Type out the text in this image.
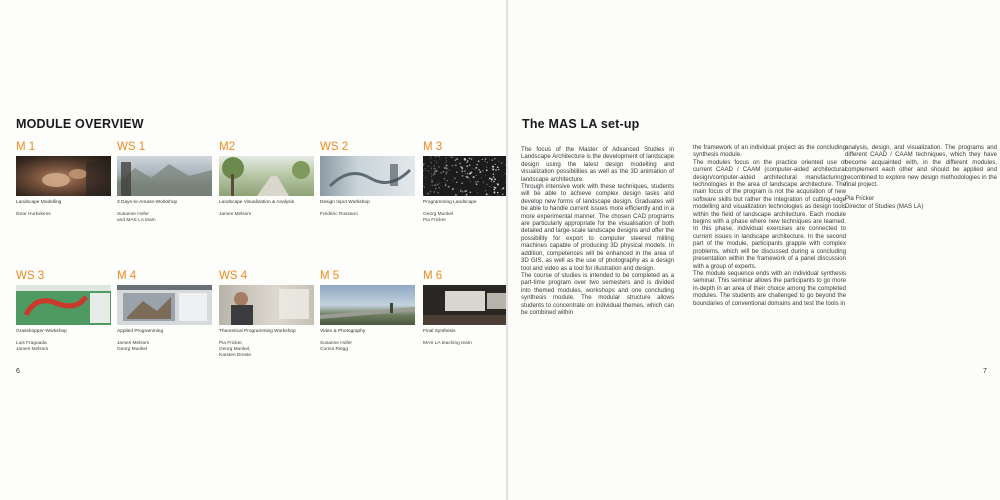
MODULE OVERVIEW
M 1
Landscape Modelling
Ilmar Hurkxkens
WS 1
3 Days-to-Amaze-Workshop
Susanne Hofer
and MAS LA team
M2
Landscape Visualization & Analysis
James Melsom
WS 2
Design Input Workshop
Frédéric Rossano
M 3
Programming Landscape
Georg Munkel
Pia Fricker
WS 3
Grasshopper-Workshop
Luis Fraguada
James Melsom
M 4
Applied Programming
James Melsom
Georg Munkel
WS 4
Theoretical Programming Workshop
Pia Fricker,
Georg Munkel,
Karsten Droste
M 5
Video & Photography
Susanne Hofer
Corina Riegg
M 6
Final Synthesis
MAS LA teaching team
6
The MAS LA set-up

The focus of the Master of Advanced Studies in Landscape Architecture is the development of landscape design using the latest design modelling and visualization possibilities as well as the 3D animation of landscape architecture.
Through intensive work with these techniques, students will be able to achieve complex design tasks and develop new forms of landscape design. Graduates will be able to handle current issues more efficiently and in a more experimental manner. The chosen CAD programs are particularly appropriate for the visualisation of both detailed and large-scale landscape designs and offer the possibility for export to computer steered milling machines capable of producing 3D physical models. In addition, competences will be enhanced in the area of 3D GIS, as well as the use of photography as a design tool and video as a tool for illustration and design.
The course of studies is intended to be completed as a part-time program over two semesters and is divided into themed modules, workshops and one concluding synthesis module. The modular structure allows students to concentrate on individual themes, which can be combined within

the framework of an individual project as the concluding synthesis module.
The modules focus on the practice oriented use of current CAAD / CAAM (computer-aided architectural design/computer-aided architectural manufacturing) technologies in the area of landscape architecture. The main focus of the program is not the acquisition of new software skills but rather the integration of cutting-edge modelling and visualization technologies as design tools within the field of landscape architecture. Each module begins with a phase where new techniques are learned. In this phase, individual exercises are connected to current issues in landscape architecture. In the second part of the module, participants grapple with complex problems, which will be discussed during a concluding presentation within the framework of a panel discussion with a group of experts.
The module sequence ends with an individual synthesis seminar. This seminar allows the participants to go more in-depth in an area of their choice among the completed modules. The students are challenged to go beyond the boundaries of conventional domains and test the tools in

analysis, design, and visualization. The programs and different CAAD / CAAM techniques, which they have become acquainted with, in the different modules, complement each other and should be applied and recombined to explore new design methodologies in the final project.

Pia Fricker
Director of Studies (MAS LA)
7
